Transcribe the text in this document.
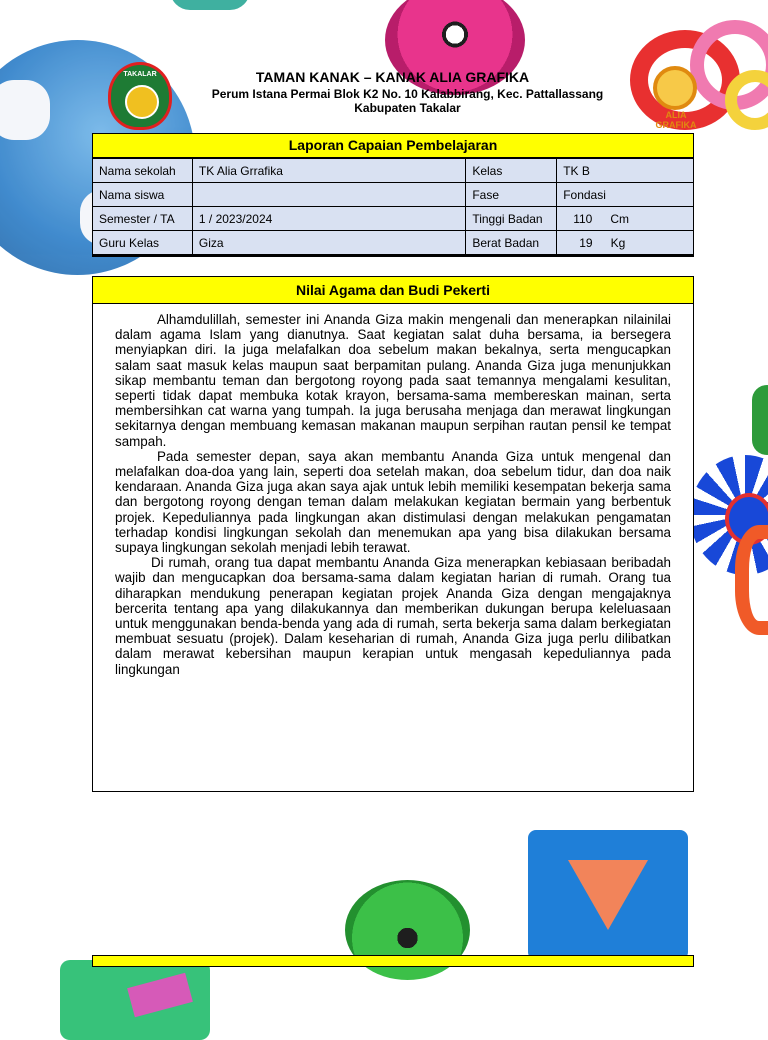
TAKALAR
ALIA GRAFIKA
TAMAN KANAK – KANAK ALIA GRAFIKA
Perum Istana Permai Blok K2 No. 10 Kalabbirang, Kec. Pattallassang
Kabupaten Takalar
Laporan Capaian Pembelajaran
Nama sekolah	TK Alia Grrafika	Kelas	TK B
Nama siswa		Fase	Fondasi
Semester / TA	1 / 2023/2024	Tinggi Badan	110 Cm
Guru Kelas	Giza	Berat Badan	19 Kg
Nilai Agama dan Budi Pekerti

Alhamdulillah, semester ini Ananda Giza makin mengenali dan menerapkan nilainilai dalam agama Islam yang dianutnya. Saat kegiatan salat duha bersama, ia bersegera menyiapkan diri. Ia juga melafalkan doa sebelum makan bekalnya, serta mengucapkan salam saat masuk kelas maupun saat berpamitan pulang. Ananda Giza juga menunjukkan sikap membantu teman dan bergotong royong pada saat temannya mengalami kesulitan, seperti tidak dapat membuka kotak krayon, bersama-sama membereskan mainan, serta membersihkan cat warna yang tumpah. Ia juga berusaha menjaga dan merawat lingkungan sekitarnya dengan membuang kemasan makanan maupun serpihan rautan pensil ke tempat sampah.

Pada semester depan, saya akan membantu Ananda Giza untuk mengenal dan melafalkan doa-doa yang lain, seperti doa setelah makan, doa sebelum tidur, dan doa naik kendaraan. Ananda Giza juga akan saya ajak untuk lebih memiliki kesempatan bekerja sama dan bergotong royong dengan teman dalam melakukan kegiatan bermain yang berbentuk projek. Kepeduliannya pada lingkungan akan distimulasi dengan melakukan pengamatan terhadap kondisi lingkungan sekolah dan menemukan apa yang bisa dilakukan bersama supaya lingkungan sekolah menjadi lebih terawat.

Di rumah, orang tua dapat membantu Ananda Giza menerapkan kebiasaan beribadah wajib dan mengucapkan doa bersama-sama dalam kegiatan harian di rumah. Orang tua diharapkan mendukung penerapan kegiatan projek Ananda Giza dengan mengajaknya bercerita tentang apa yang dilakukannya dan memberikan dukungan berupa keleluasaan untuk menggunakan benda-benda yang ada di rumah, serta bekerja sama dalam berkegiatan membuat sesuatu (projek). Dalam keseharian di rumah, Ananda Giza juga perlu dilibatkan dalam merawat kebersihan maupun kerapian untuk mengasah kepeduliannya pada lingkungan
